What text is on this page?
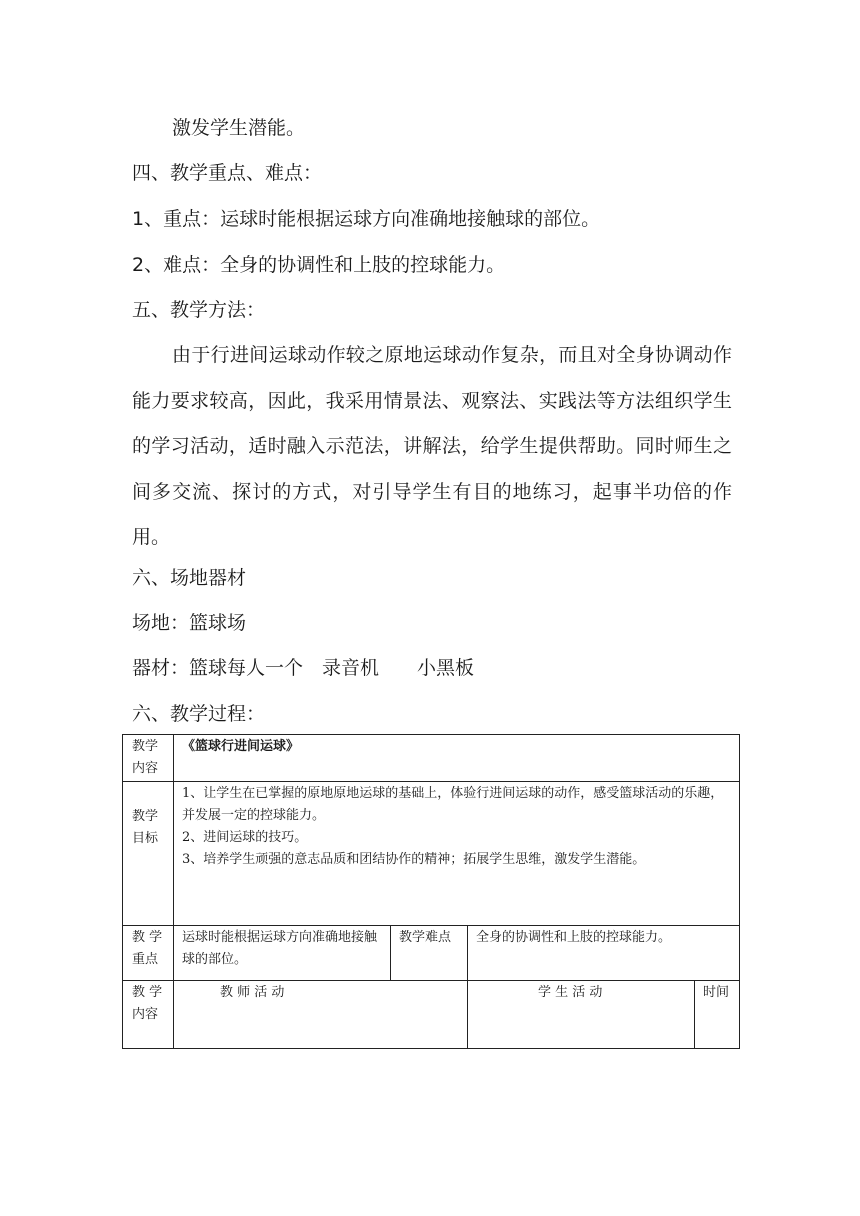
激发学生潜能。
四、教学重点、难点：
1、重点：运球时能根据运球方向准确地接触球的部位。
2、难点：全身的协调性和上肢的控球能力。
五、教学方法：
由于行进间运球动作较之原地运球动作复杂，而且对全身协调动作能力要求较高，因此，我采用情景法、观察法、实践法等方法组织学生的学习活动，适时融入示范法，讲解法，给学生提供帮助。同时师生之间多交流、探讨的方式，对引导学生有目的地练习，起事半功倍的作用。
六、场地器材
场地：篮球场
器材：篮球每人一个　录音机　　小黑板
六、教学过程：
教学内容	《篮球行进间运球》			
教学目标	1、让学生在已掌握的原地原地运球的基础上，体验行进间运球的动作，感受篮球活动的乐趣，并发展一定的控球能力。

2、进间运球的技巧。

3、培养学生顽强的意志品质和团结协作的精神；拓展学生思维，激发学生潜能。			

教 学重点	运球时能根据运球方向准确地接触球的部位。	教学难点	全身的协调性和上肢的控球能力。	
教 学内容	教 师 活 动		学 生 活 动	时间
